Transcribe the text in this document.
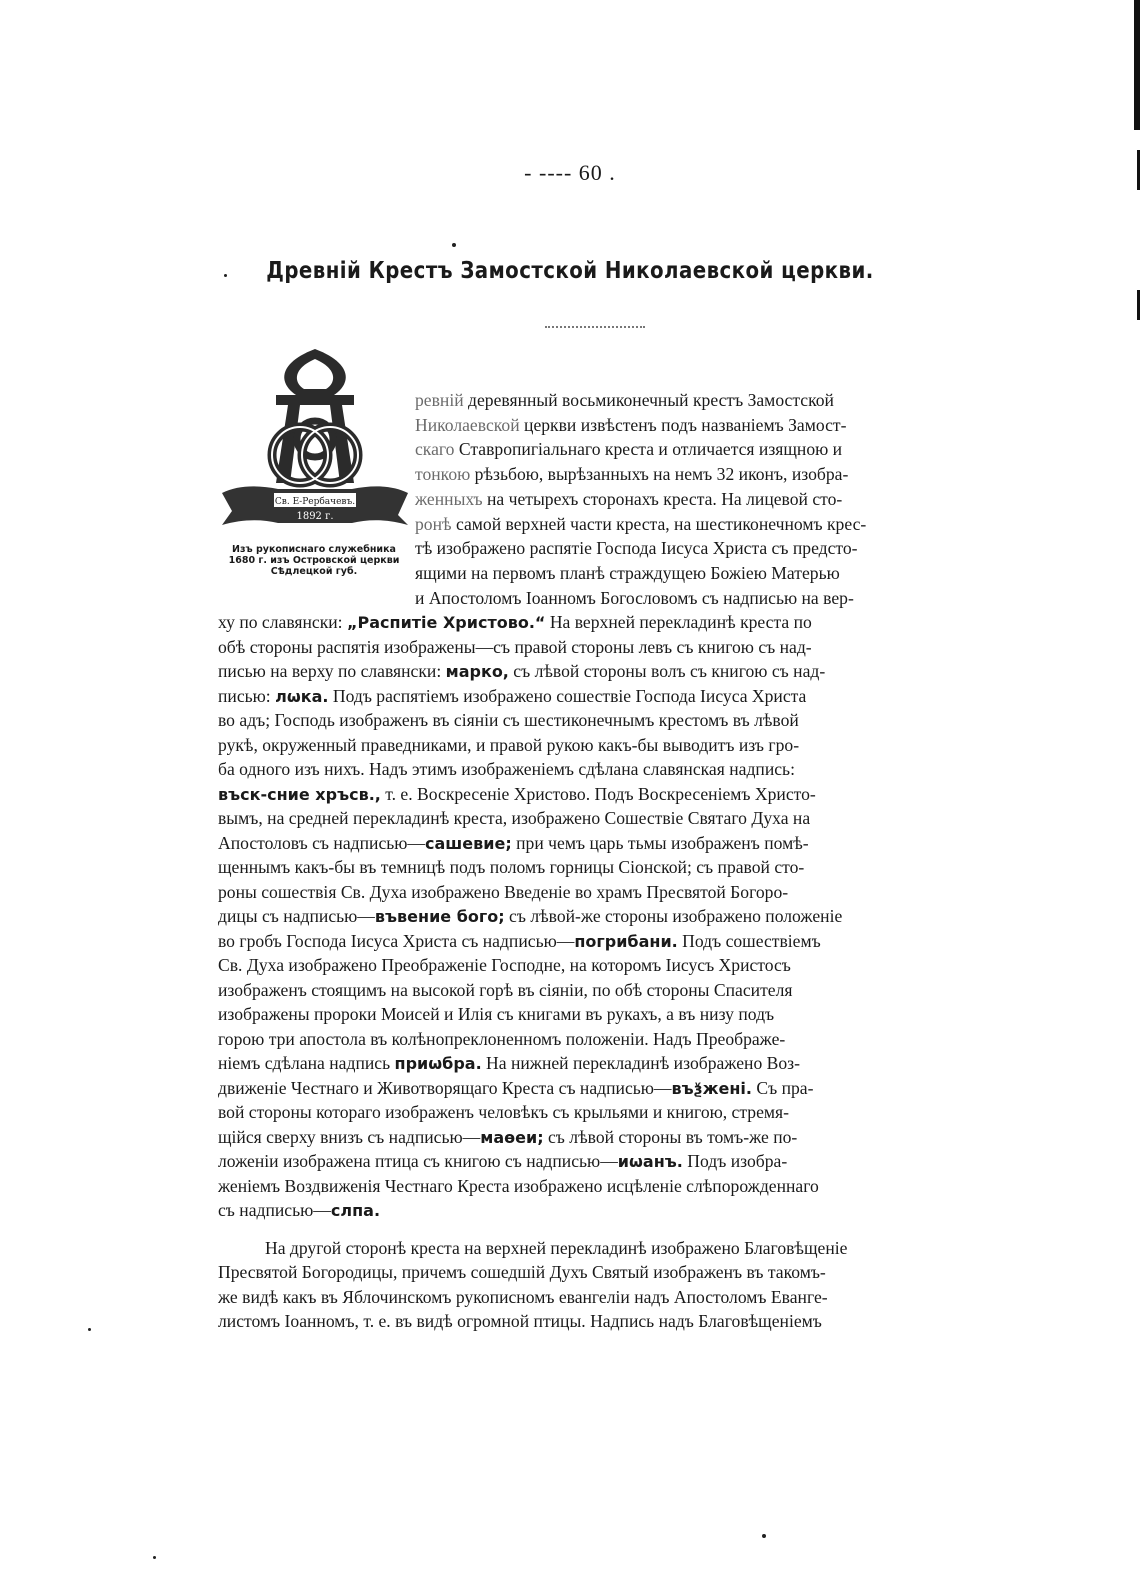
- ---- 60 .
Древній Крестъ Замостской Николаевской церкви.
Св. Е-Рербачевъ.
1892 г.
Изъ рукописнаго служебника
1680 г. изъ Островской церкви
Сѣдлецкой губ.
ревній деревянный восьмиконечный крестъ Замостской
Николаевской церкви извѣстенъ подъ названіемъ Замост-
скаго Ставропигіальнаго креста и отличается изящною и
тонкою рѣзьбою, вырѣзанныхъ на немъ 32 иконъ, изобра-
женныхъ на четырехъ сторонахъ креста. На лицевой сто-
ронѣ самой верхней части креста, на шестиконечномъ крес-
тѣ изображено распятіе Господа Іисуса Христа съ предсто-
ящими на первомъ планѣ страждущею Божіею Матерью
и Апостоломъ Іоанномъ Богословомъ съ надписью на вер-
ху по славянски: „Распитіе Христово.“ На верхней перекладинѣ креста по
обѣ стороны распятія изображены—съ правой стороны левъ съ книгою съ над-
писью на верху по славянски: марко, съ лѣвой стороны волъ съ книгою съ над-
писью: лѡка. Подъ распятіемъ изображено сошествіе Господа Іисуса Христа
во адъ; Господь изображенъ въ сіяніи съ шестиконечнымъ крестомъ въ лѣвой
рукѣ, окруженный праведниками, и правой рукою какъ-бы выводитъ изъ гро-
ба одного изъ нихъ. Надъ этимъ изображеніемъ сдѣлана славянская надпись:
въск-сние хръсв., т. е. Воскресеніе Христово. Подъ Воскресеніемъ Христо-
вымъ, на средней перекладинѣ креста, изображено Сошествіе Святаго Духа на
Апостоловъ съ надписью—сашевие; при чемъ царь тьмы изображенъ помѣ-
щеннымъ какъ-бы въ темницѣ подъ поломъ горницы Сіонской; съ правой сто-
роны сошествія Св. Духа изображено Введеніе во храмъ Пресвятой Богоро-
дицы съ надписью—въвение бого; съ лѣвой-же стороны изображено положеніе
во гробъ Господа Іисуса Христа съ надписью—погрибани. Подъ сошествіемъ
Св. Духа изображено Преображеніе Господне, на которомъ Іисусъ Христосъ
изображенъ стоящимъ на высокой горѣ въ сіяніи, по обѣ стороны Спасителя
изображены пророки Моисей и Илія съ книгами въ рукахъ, а въ низу подъ
горою три апостола въ колѣнопреклоненномъ положеніи. Надъ Преображе-
ніемъ сдѣлана надпись приѡбра. На нижней перекладинѣ изображено Воз-
движеніе Честнаго и Животворящаго Креста съ надписью—въѯжені. Съ пра-
вой стороны котораго изображенъ человѣкъ съ крыльями и книгою, стремя-
щійся сверху внизъ съ надписью—маѳеи; съ лѣвой стороны въ томъ-же по-
ложеніи изображена птица съ книгою съ надписью—иѡанъ. Подъ изобра-
женіемъ Воздвиженія Честнаго Креста изображено исцѣленіе слѣпорожденнаго
съ надписью—слпа.
На другой сторонѣ креста на верхней перекладинѣ изображено Благовѣщеніе
Пресвятой Богородицы, причемъ сошедшій Духъ Святый изображенъ въ такомъ-
же видѣ какъ въ Яблочинскомъ рукописномъ евангеліи надъ Апостоломъ Еванге-
листомъ Іоанномъ, т. е. въ видѣ огромной птицы. Надпись надъ Благовѣщеніемъ
